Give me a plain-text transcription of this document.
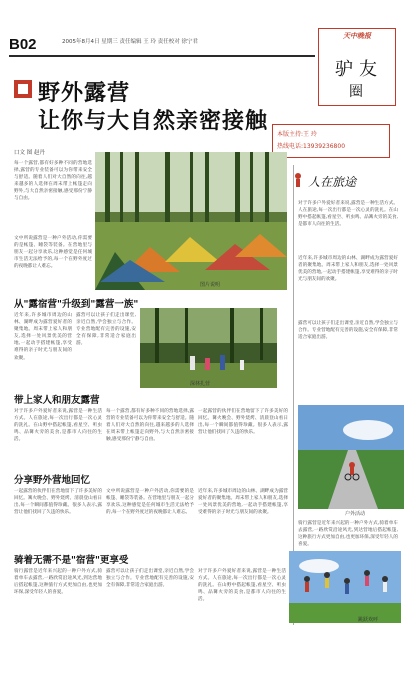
B02	2005年8月4日 星期三 责任编辑 王 玲 责任校对 徐宁君
天中晚报
驴 友
圈
野外露营
让你与大自然亲密接触
口文 图 赵丹
本版主持:王 玲
热线电话:13939236800
图片说明
人在旅途
每一个露营,都有好多种不同的营地选择,露营的专业装备可以为你带来安全与舒适。随着人们对大自然的向往,越来越多的人选择在周末带上帐篷走向野外,与大自然亲密接触,感受那份宁静与自由。
文中所说露营是一种户外活动,你需要的是帐篷、睡袋等装备。在营地里与朋友一起分享欢乐,这种感觉是任何城市生活无法给予的,每一个在野外度过的夜晚都让人难忘。
对于许多户外爱好者来说,露营是一种生活方式。人在旅途,每一次出行都是一次心灵的洗礼。在山野中搭起帐篷,看星空、听虫鸣、品篝火旁的美食,是都市人向往的生活。
近年来,许多城市周边的山林、湖畔成为露营爱好者的聚集地。周末带上家人和朋友,选择一处风景优美的营地,一起动手搭建帐篷,享受难得的亲子时光与朋友间的欢聚。
露营可以让孩子们走出课堂,亲近自然,学会独立与合作。专业营地配有完善的设施,安全有保障,非常适合家庭出游。
从"露宿营"升级到"露营一族"
近年来,许多城市周边的山林、湖畔成为露营爱好者的聚集地。周末带上家人和朋友,选择一处风景优美的营地,一起动手搭建帐篷,享受难得的亲子时光与朋友间的欢聚。
露营可以让孩子们走出课堂,亲近自然,学会独立与合作。专业营地配有完善的设施,安全有保障,非常适合家庭出游。
深林扎营
带上家人和朋友露营
对于许多户外爱好者来说,露营是一种生活方式。人在旅途,每一次出行都是一次心灵的洗礼。在山野中搭起帐篷,看星空、听虫鸣、品篝火旁的美食,是都市人向往的生活。
每一个露营,都有好多种不同的营地选择,露营的专业装备可以为你带来安全与舒适。随着人们对大自然的向往,越来越多的人选择在周末带上帐篷走向野外,与大自然亲密接触,感受那份宁静与自由。
一起露营的伙伴们在营地留下了许多美好的回忆。篝火晚会、野外烧烤、清晨登山看日出,每一个瞬间都值得珍藏。很多人表示,露营让他们找回了久违的快乐。
分享野外营地回忆
一起露营的伙伴们在营地留下了许多美好的回忆。篝火晚会、野外烧烤、清晨登山看日出,每一个瞬间都值得珍藏。很多人表示,露营让他们找回了久违的快乐。
文中所说露营是一种户外活动,你需要的是帐篷、睡袋等装备。在营地里与朋友一起分享欢乐,这种感觉是任何城市生活无法给予的,每一个在野外度过的夜晚都让人难忘。
近年来,许多城市周边的山林、湖畔成为露营爱好者的聚集地。周末带上家人和朋友,选择一处风景优美的营地,一起动手搭建帐篷,享受难得的亲子时光与朋友间的欢聚。	户外活动
骑行露营是近年来兴起的一种户外方式,骑着单车去露营,一路欣赏沿途风光,到达营地后搭起帐篷,这种旅行方式更加自由,也更加环保,深受年轻人的喜爱。
骑着无需不是"宿营"更享受
骑行露营是近年来兴起的一种户外方式,骑着单车去露营,一路欣赏沿途风光,到达营地后搭起帐篷,这种旅行方式更加自由,也更加环保,深受年轻人的喜爱。
露营可以让孩子们走出课堂,亲近自然,学会独立与合作。专业营地配有完善的设施,安全有保障,非常适合家庭出游。
对于许多户外爱好者来说,露营是一种生活方式。人在旅途,每一次出行都是一次心灵的洗礼。在山野中搭起帐篷,看星空、听虫鸣、品篝火旁的美食,是都市人向往的生活。
跳跃欢呼
